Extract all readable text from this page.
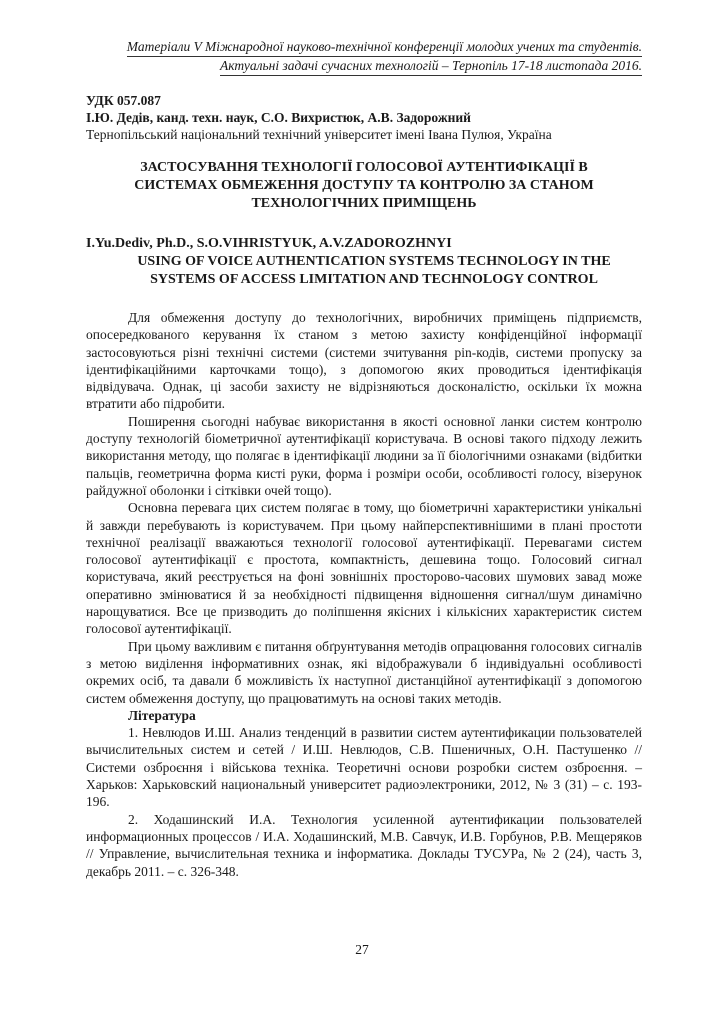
Матеріали V Міжнародної науково-технічної конференції молодих учених та студентів.
Актуальні задачі сучасних технологій – Тернопіль 17-18 листопада 2016.
УДК 057.087
І.Ю. Дедів, канд. техн. наук, С.О. Вихристюк, А.В. Задорожний
Тернопільський національний технічний університет імені Івана Пулюя, Україна
ЗАСТОСУВАННЯ ТЕХНОЛОГІЇ ГОЛОСОВОЇ АУТЕНТИФІКАЦІЇ В СИСТЕМАХ ОБМЕЖЕННЯ ДОСТУПУ ТА КОНТРОЛЮ ЗА СТАНОМ ТЕХНОЛОГІЧНИХ ПРИМІЩЕНЬ
I.Yu.Dediv, Ph.D., S.O.VIHRISTYUK, A.V.ZADOROZHNYI
USING OF VOICE AUTHENTICATION SYSTEMS TECHNOLOGY IN THE SYSTEMS OF ACCESS LIMITATION AND TECHNOLOGY CONTROL

Для обмеження доступу до технологічних, виробничих приміщень підприємств, опосередкованого керування їх станом з метою захисту конфіденційної інформації застосовуються різні технічні системи (системи зчитування pin-кодів, системи пропуску за ідентифікаційними карточками тощо), з допомогою яких проводиться ідентифікація відвідувача. Однак, ці засоби захисту не відрізняються досконалістю, оскільки їх можна втратити або підробити.

Поширення сьогодні набуває використання в якості основної ланки систем контролю доступу технологій біометричної аутентифікації користувача. В основі такого підходу лежить використання методу, що полягає в ідентифікації людини за її біологічними ознаками (відбитки пальців, геометрична форма кисті руки, форма і розміри особи, особливості голосу, візерунок райдужної оболонки і сітківки очей тощо).

Основна перевага цих систем полягає в тому, що біометричні характеристики унікальні й завжди перебувають із користувачем. При цьому найперспективнішими в плані простоти технічної реалізації вважаються технології голосової аутентифікації. Перевагами систем голосової аутентифікації є простота, компактність, дешевина тощо. Голосовий сигнал користувача, який реєструється на фоні зовнішніх просторово-часових шумових завад може оперативно змінюватися й за необхідності підвищення відношення сигнал/шум динамічно нарощуватися. Все це призводить до поліпшення якісних і кількісних характеристик систем голосової аутентифікації.

При цьому важливим є питання обґрунтування методів опрацювання голосових сигналів з метою виділення інформативних ознак, які відображували б індивідуальні особливості окремих осіб, та давали б можливість їх наступної дистанційної аутентифікації з допомогою систем обмеження доступу, що працюватимуть на основі таких методів.

Література

1. Невлюдов И.Ш. Анализ тенденций в развитии систем аутентификации пользователей вычислительных систем и сетей / И.Ш. Невлюдов, С.В. Пшеничных, О.Н. Пастушенко // Системи озброєння і військова техніка. Теоретичні основи розробки систем озброєння. – Харьков: Харьковский национальный университет радиоэлектроники, 2012, № 3 (31) – с. 193-196.

2. Ходашинский И.А. Технология усиленной аутентификации пользователей информационных процессов / И.А. Ходашинский, М.В. Савчук, И.В. Горбунов, Р.В. Мещеряков // Управление, вычислительная техника и інформатика. Доклады ТУСУРа, № 2 (24), часть 3, декабрь 2011. – с. 326-348.

27
